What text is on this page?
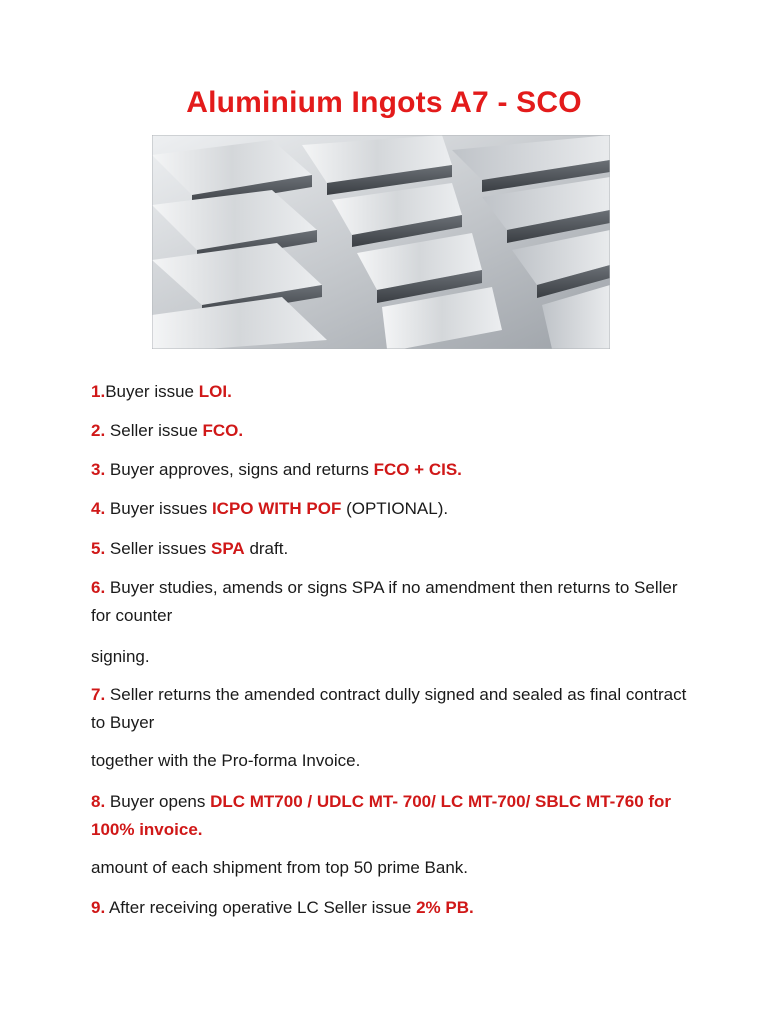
Aluminium Ingots A7 - SCO

1.Buyer issue LOI.

2. Seller issue FCO.

3. Buyer approves, signs and returns FCO + CIS.

4. Buyer issues ICPO WITH POF (OPTIONAL).

5. Seller issues SPA draft.

6. Buyer studies, amends or signs SPA if no amendment then returns to Seller for counter

signing.

7. Seller returns the amended contract dully signed and sealed as final contract to Buyer

together with the Pro-forma Invoice.

8. Buyer opens DLC MT700 / UDLC MT- 700/ LC MT-700/ SBLC MT-760 for 100% invoice.

amount of each shipment from top 50 prime Bank.

9. After receiving operative LC Seller issue 2% PB.
